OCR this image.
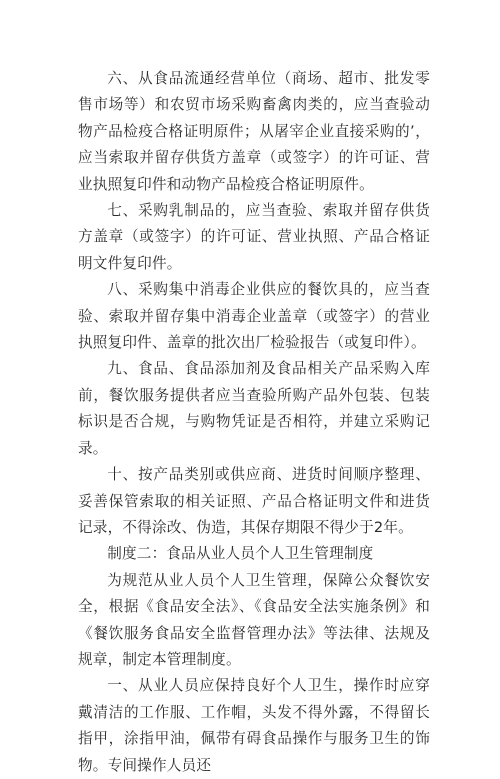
六、从食品流通经营单位（商场、超市、批发零售市场等）和农贸市场采购畜禽肉类的，应当查验动物产品检疫合格证明原件；从屠宰企业直接采购的’，应当索取并留存供货方盖章（或签字）的许可证、营业执照复印件和动物产品检疫合格证明原件。

七、采购乳制品的，应当查验、索取并留存供货方盖章（或签字）的许可证、营业执照、产品合格证明文件复印件。

八、采购集中消毒企业供应的餐饮具的，应当查验、索取并留存集中消毒企业盖章（或签字）的营业执照复印件、盖章的批次出厂检验报告（或复印件）。

九、食品、食品添加剂及食品相关产品采购入库前，餐饮服务提供者应当查验所购产品外包装、包装标识是否合规，与购物凭证是否相符，并建立采购记录。

十、按产品类别或供应商、进货时间顺序整理、妥善保管索取的相关证照、产品合格证明文件和进货记录，不得涂改、伪造，其保存期限不得少于2年。

制度二：食品从业人员个人卫生管理制度

为规范从业人员个人卫生管理，保障公众餐饮安全，根据《食品安全法》、《食品安全法实施条例》和《餐饮服务食品安全监督管理办法》等法律、法规及规章，制定本管理制度。

一、从业人员应保持良好个人卫生，操作时应穿戴清洁的工作服、工作帽，头发不得外露，不得留长指甲，涂指甲油，佩带有碍食品操作与服务卫生的饰物。专间操作人员还
